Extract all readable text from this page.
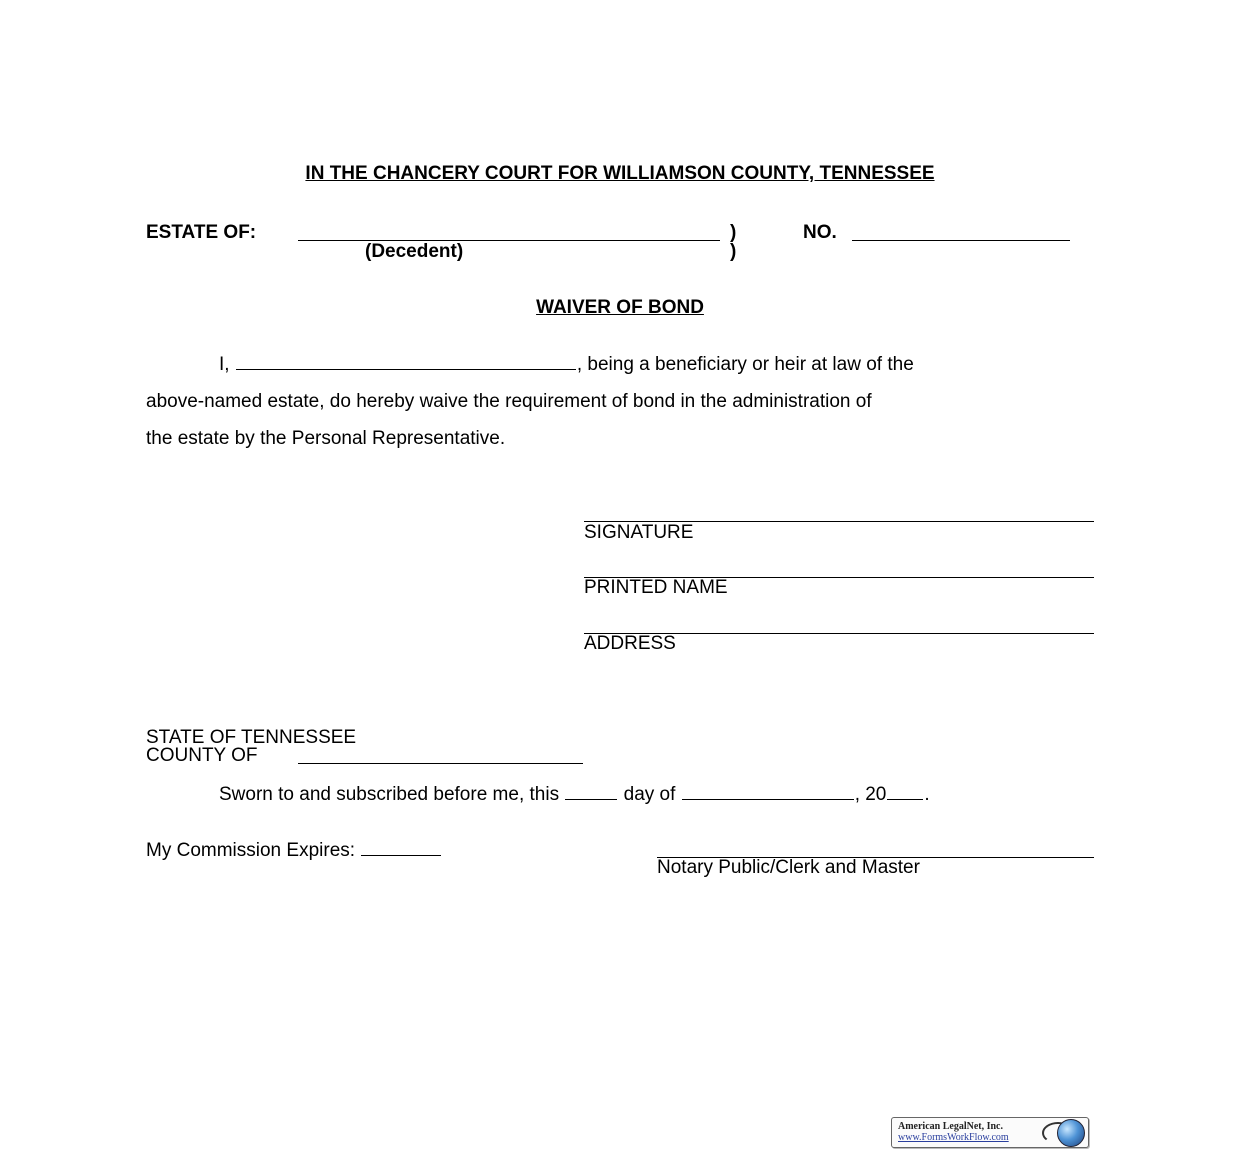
IN THE CHANCERY COURT FOR WILLIAMSON COUNTY, TENNESSEE
ESTATE OF:	)	NO.
(Decedent)	)
WAIVER OF BOND
I,	, being a beneficiary or heir at law of the
above-named estate, do hereby waive the requirement of bond in the administration of
the estate by the Personal Representative.
SIGNATURE
PRINTED NAME
ADDRESS
STATE OF TENNESSEE
COUNTY OF
Sworn to and subscribed before me, this	day of	, 20 .
My Commission Expires:
Notary Public/Clerk and Master
American LegalNet, Inc.
www.FormsWorkFlow.com
